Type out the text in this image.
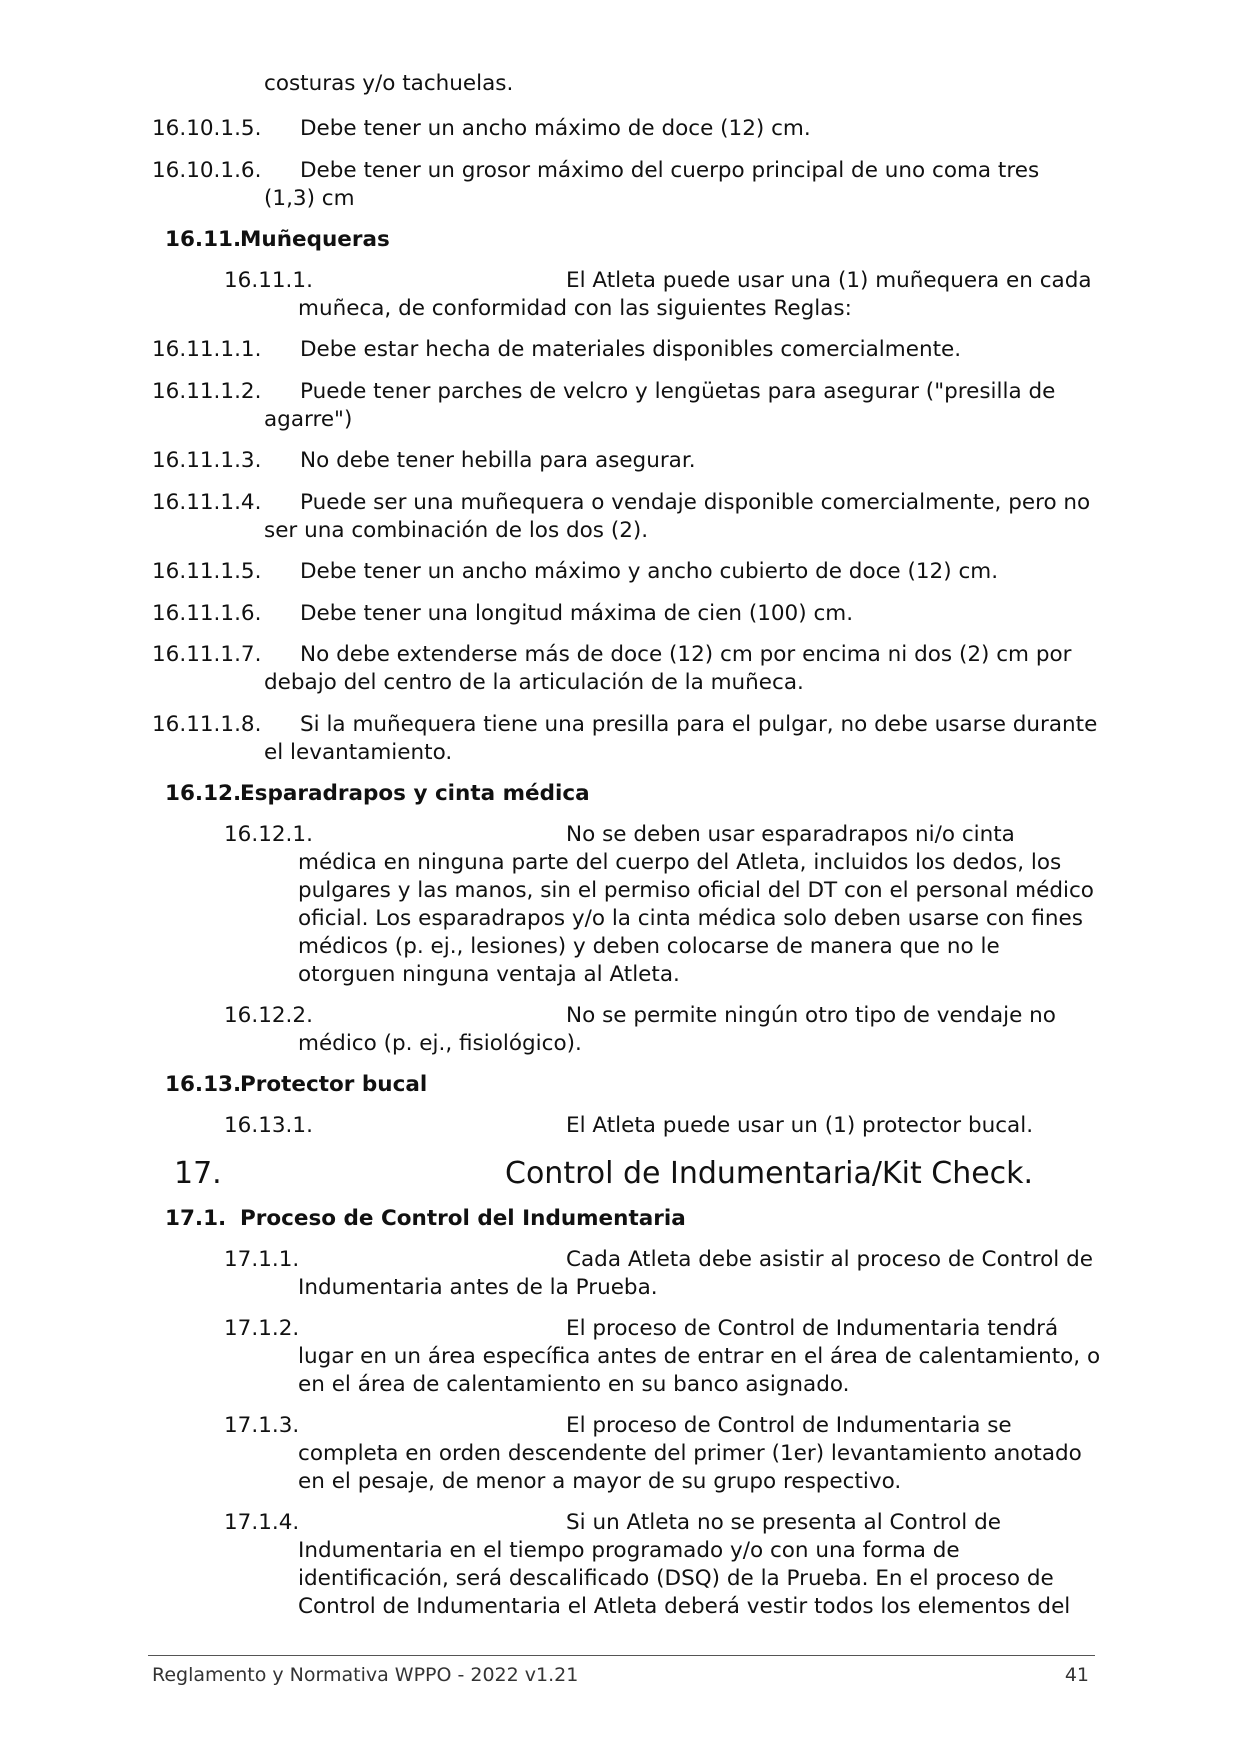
costuras y/o tachuelas.
16.10.1.5. Debe tener un ancho máximo de doce (12) cm.
16.10.1.6. Debe tener un grosor máximo del cuerpo principal de uno coma tres
(1,3) cm
16.11.
Muñequeras
16.11.1.	El Atleta puede usar una (1) muñequera en cada
muñeca, de conformidad con las siguientes Reglas:
16.11.1.1. Debe estar hecha de materiales disponibles comercialmente.
16.11.1.2. Puede tener parches de velcro y lengüetas para asegurar ("presilla de
agarre")
16.11.1.3. No debe tener hebilla para asegurar.
16.11.1.4. Puede ser una muñequera o vendaje disponible comercialmente, pero no
ser una combinación de los dos (2).
16.11.1.5. Debe tener un ancho máximo y ancho cubierto de doce (12) cm.
16.11.1.6. Debe tener una longitud máxima de cien (100) cm.
16.11.1.7. No debe extenderse más de doce (12) cm por encima ni dos (2) cm por
debajo del centro de la articulación de la muñeca.
16.11.1.8. Si la muñequera tiene una presilla para el pulgar, no debe usarse durante
el levantamiento.
16.12.
Esparadrapos y cinta médica
16.12.1.	No se deben usar esparadrapos ni/o cinta
médica en ninguna parte del cuerpo del Atleta, incluidos los dedos, los
pulgares y las manos, sin el permiso oficial del DT con el personal médico
oficial. Los esparadrapos y/o la cinta médica solo deben usarse con fines
médicos (p. ej., lesiones) y deben colocarse de manera que no le
otorguen ninguna ventaja al Atleta.
16.12.2.	No se permite ningún otro tipo de vendaje no
médico (p. ej., fisiológico).
16.13.
Protector bucal
16.13.1.	El Atleta puede usar un (1) protector bucal.
17.	Control de Indumentaria/Kit Check.
17.1. Proceso de Control del Indumentaria
17.1.1.	Cada Atleta debe asistir al proceso de Control de
Indumentaria antes de la Prueba.
17.1.2.	El proceso de Control de Indumentaria tendrá
lugar en un área específica antes de entrar en el área de calentamiento, o
en el área de calentamiento en su banco asignado.
17.1.3.	El proceso de Control de Indumentaria se
completa en orden descendente del primer (1er) levantamiento anotado
en el pesaje, de menor a mayor de su grupo respectivo.
17.1.4.	Si un Atleta no se presenta al Control de
Indumentaria en el tiempo programado y/o con una forma de
identificación, será descalificado (DSQ) de la Prueba. En el proceso de
Control de Indumentaria el Atleta deberá vestir todos los elementos del
Reglamento y Normativa WPPO - 2022 v1.21	41
